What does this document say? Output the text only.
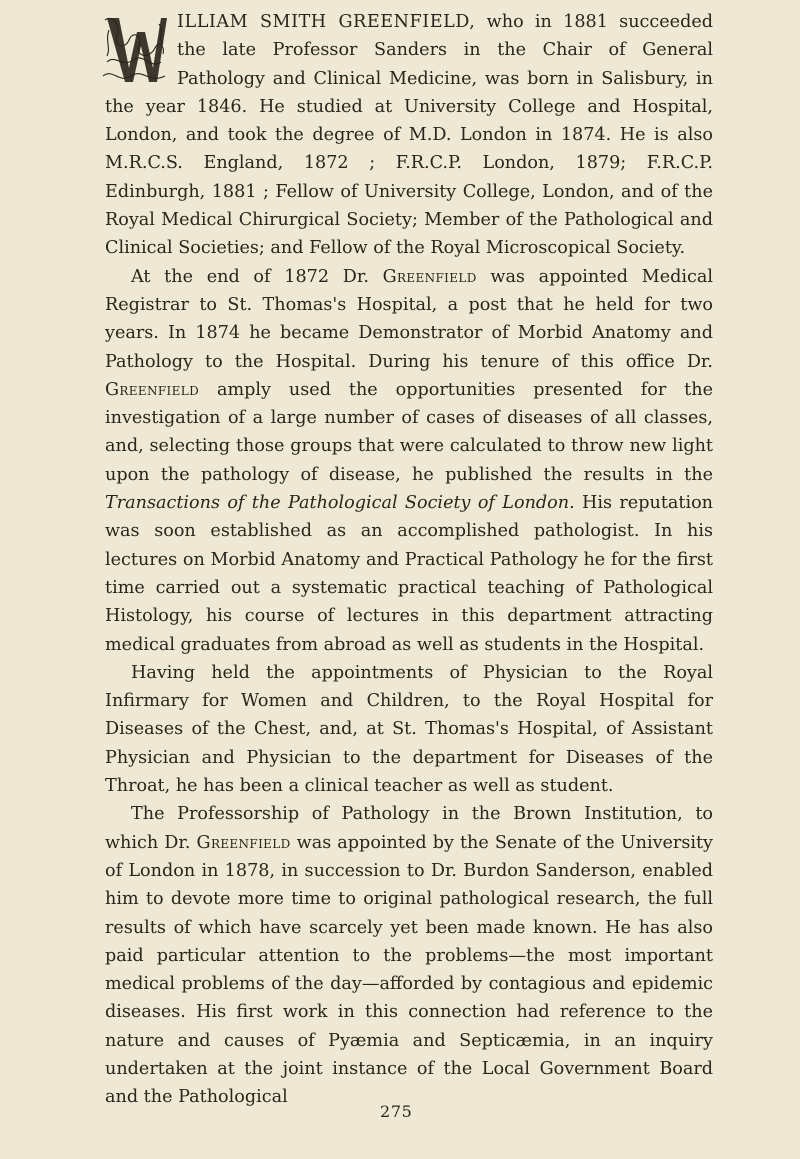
ILLIAM SMITH GREENFIELD, who in 1881 succeeded the late Professor Sanders in the Chair of General Pathology and Clinical Medicine, was born in Salisbury, in the year 1846. He studied at University College and Hospital, London, and took the degree of M.D. London in 1874. He is also M.R.C.S. England, 1872 ; F.R.C.P. London, 1879; F.R.C.P. Edinburgh, 1881 ; Fellow of University College, London, and of the Royal Medical Chirurgical Society; Member of the Pathological and Clinical Societies; and Fellow of the Royal Microscopical Society.

At the end of 1872 Dr. Greenfield was appointed Medical Registrar to St. Thomas's Hospital, a post that he held for two years. In 1874 he became Demonstrator of Morbid Anatomy and Pathology to the Hospital. During his tenure of this office Dr. Greenfield amply used the opportunities presented for the investigation of a large number of cases of diseases of all classes, and, selecting those groups that were calculated to throw new light upon the pathology of disease, he published the results in the Transactions of the Pathological Society of London. His reputation was soon established as an accomplished pathologist. In his lectures on Morbid Anatomy and Practical Pathology he for the first time carried out a systematic practical teaching of Pathological Histology, his course of lectures in this department attracting medical graduates from abroad as well as students in the Hospital.

Having held the appointments of Physician to the Royal Infirmary for Women and Children, to the Royal Hospital for Diseases of the Chest, and, at St. Thomas's Hospital, of Assistant Physician and Physician to the department for Diseases of the Throat, he has been a clinical teacher as well as student.

The Professorship of Pathology in the Brown Institution, to which Dr. Greenfield was appointed by the Senate of the University of London in 1878, in succession to Dr. Burdon Sanderson, enabled him to devote more time to original pathological research, the full results of which have scarcely yet been made known. He has also paid particular attention to the problems—the most important medical problems of the day—afforded by contagious and epidemic diseases. His first work in this connection had reference to the nature and causes of Pyæmia and Septicæmia, in an inquiry undertaken at the joint instance of the Local Government Board and the Pathological

275
